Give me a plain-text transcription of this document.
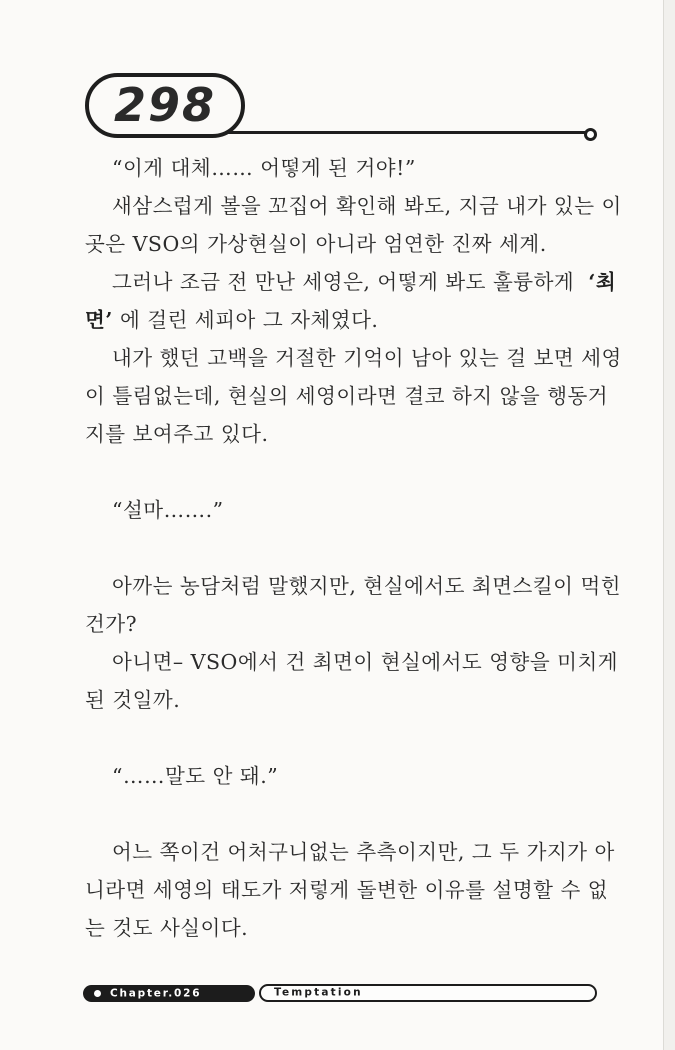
298
“이게 대체…… 어떻게 된 거야!”
새삼스럽게 볼을 꼬집어 확인해 봐도, 지금 내가 있는 이
곳은 VSO의 가상현실이 아니라 엄연한 진짜 세계.
그러나 조금 전 만난 세영은, 어떻게 봐도 훌륭하게  ‘최
면’ 에 걸린 세피아 그 자체였다.
내가 했던 고백을 거절한 기억이 남아 있는 걸 보면 세영
이 틀림없는데, 현실의 세영이라면 결코 하지 않을 행동거
지를 보여주고 있다.
“설마…….”
아까는 농담처럼 말했지만, 현실에서도 최면스킬이 먹힌
건가?
아니면– VSO에서 건 최면이 현실에서도 영향을 미치게
된 것일까.
“……말도 안 돼.”
어느 쪽이건 어처구니없는 추측이지만, 그 두 가지가 아
니라면 세영의 태도가 저렇게 돌변한 이유를 설명할 수 없
는 것도 사실이다.
Chapter.026	Temptation
